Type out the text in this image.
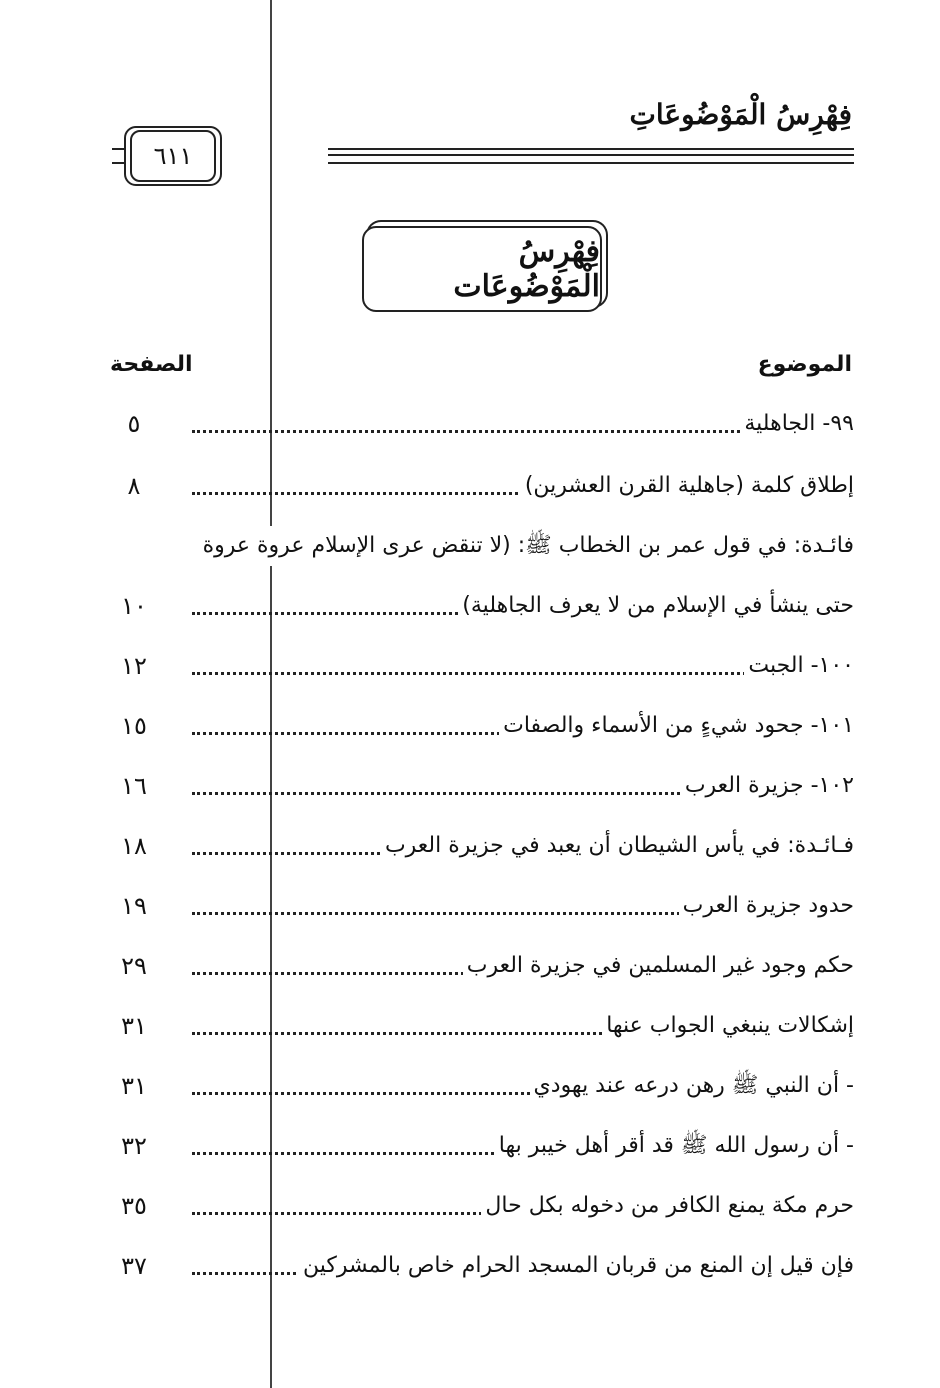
فِهْرِسُ الْمَوْضُوعَاتِ
٦١١
فِهْرِسُ الْمَوْضُوعَات
الموضوع
الصفحة
٩٩- الجاهلية
٥
إطلاق كلمة (جاهلية القرن العشرين)
٨
فائـدة: في قول عمر بن الخطاب ﷺ: (لا تنقض عرى الإسلام عروة عروة
حتى ينشأ في الإسلام من لا يعرف الجاهلية)
١٠
١٠٠- الجبت
١٢
١٠١- جحود شيءٍ من الأسماء والصفات
١٥
١٠٢- جزيرة العرب
١٦
فـائـدة: في يأس الشيطان أن يعبد في جزيرة العرب
١٨
حدود جزيرة العرب
١٩
حكم وجود غير المسلمين في جزيرة العرب
٢٩
إشكالات ينبغي الجواب عنها
٣١
- أن النبي ﷺ رهن درعه عند يهودي
٣١
- أن رسول الله ﷺ قد أقر أهل خيبر بها
٣٢
حرم مكة يمنع الكافر من دخوله بكل حال
٣٥
فإن قيل إن المنع من قربان المسجد الحرام خاص بالمشركين
٣٧
